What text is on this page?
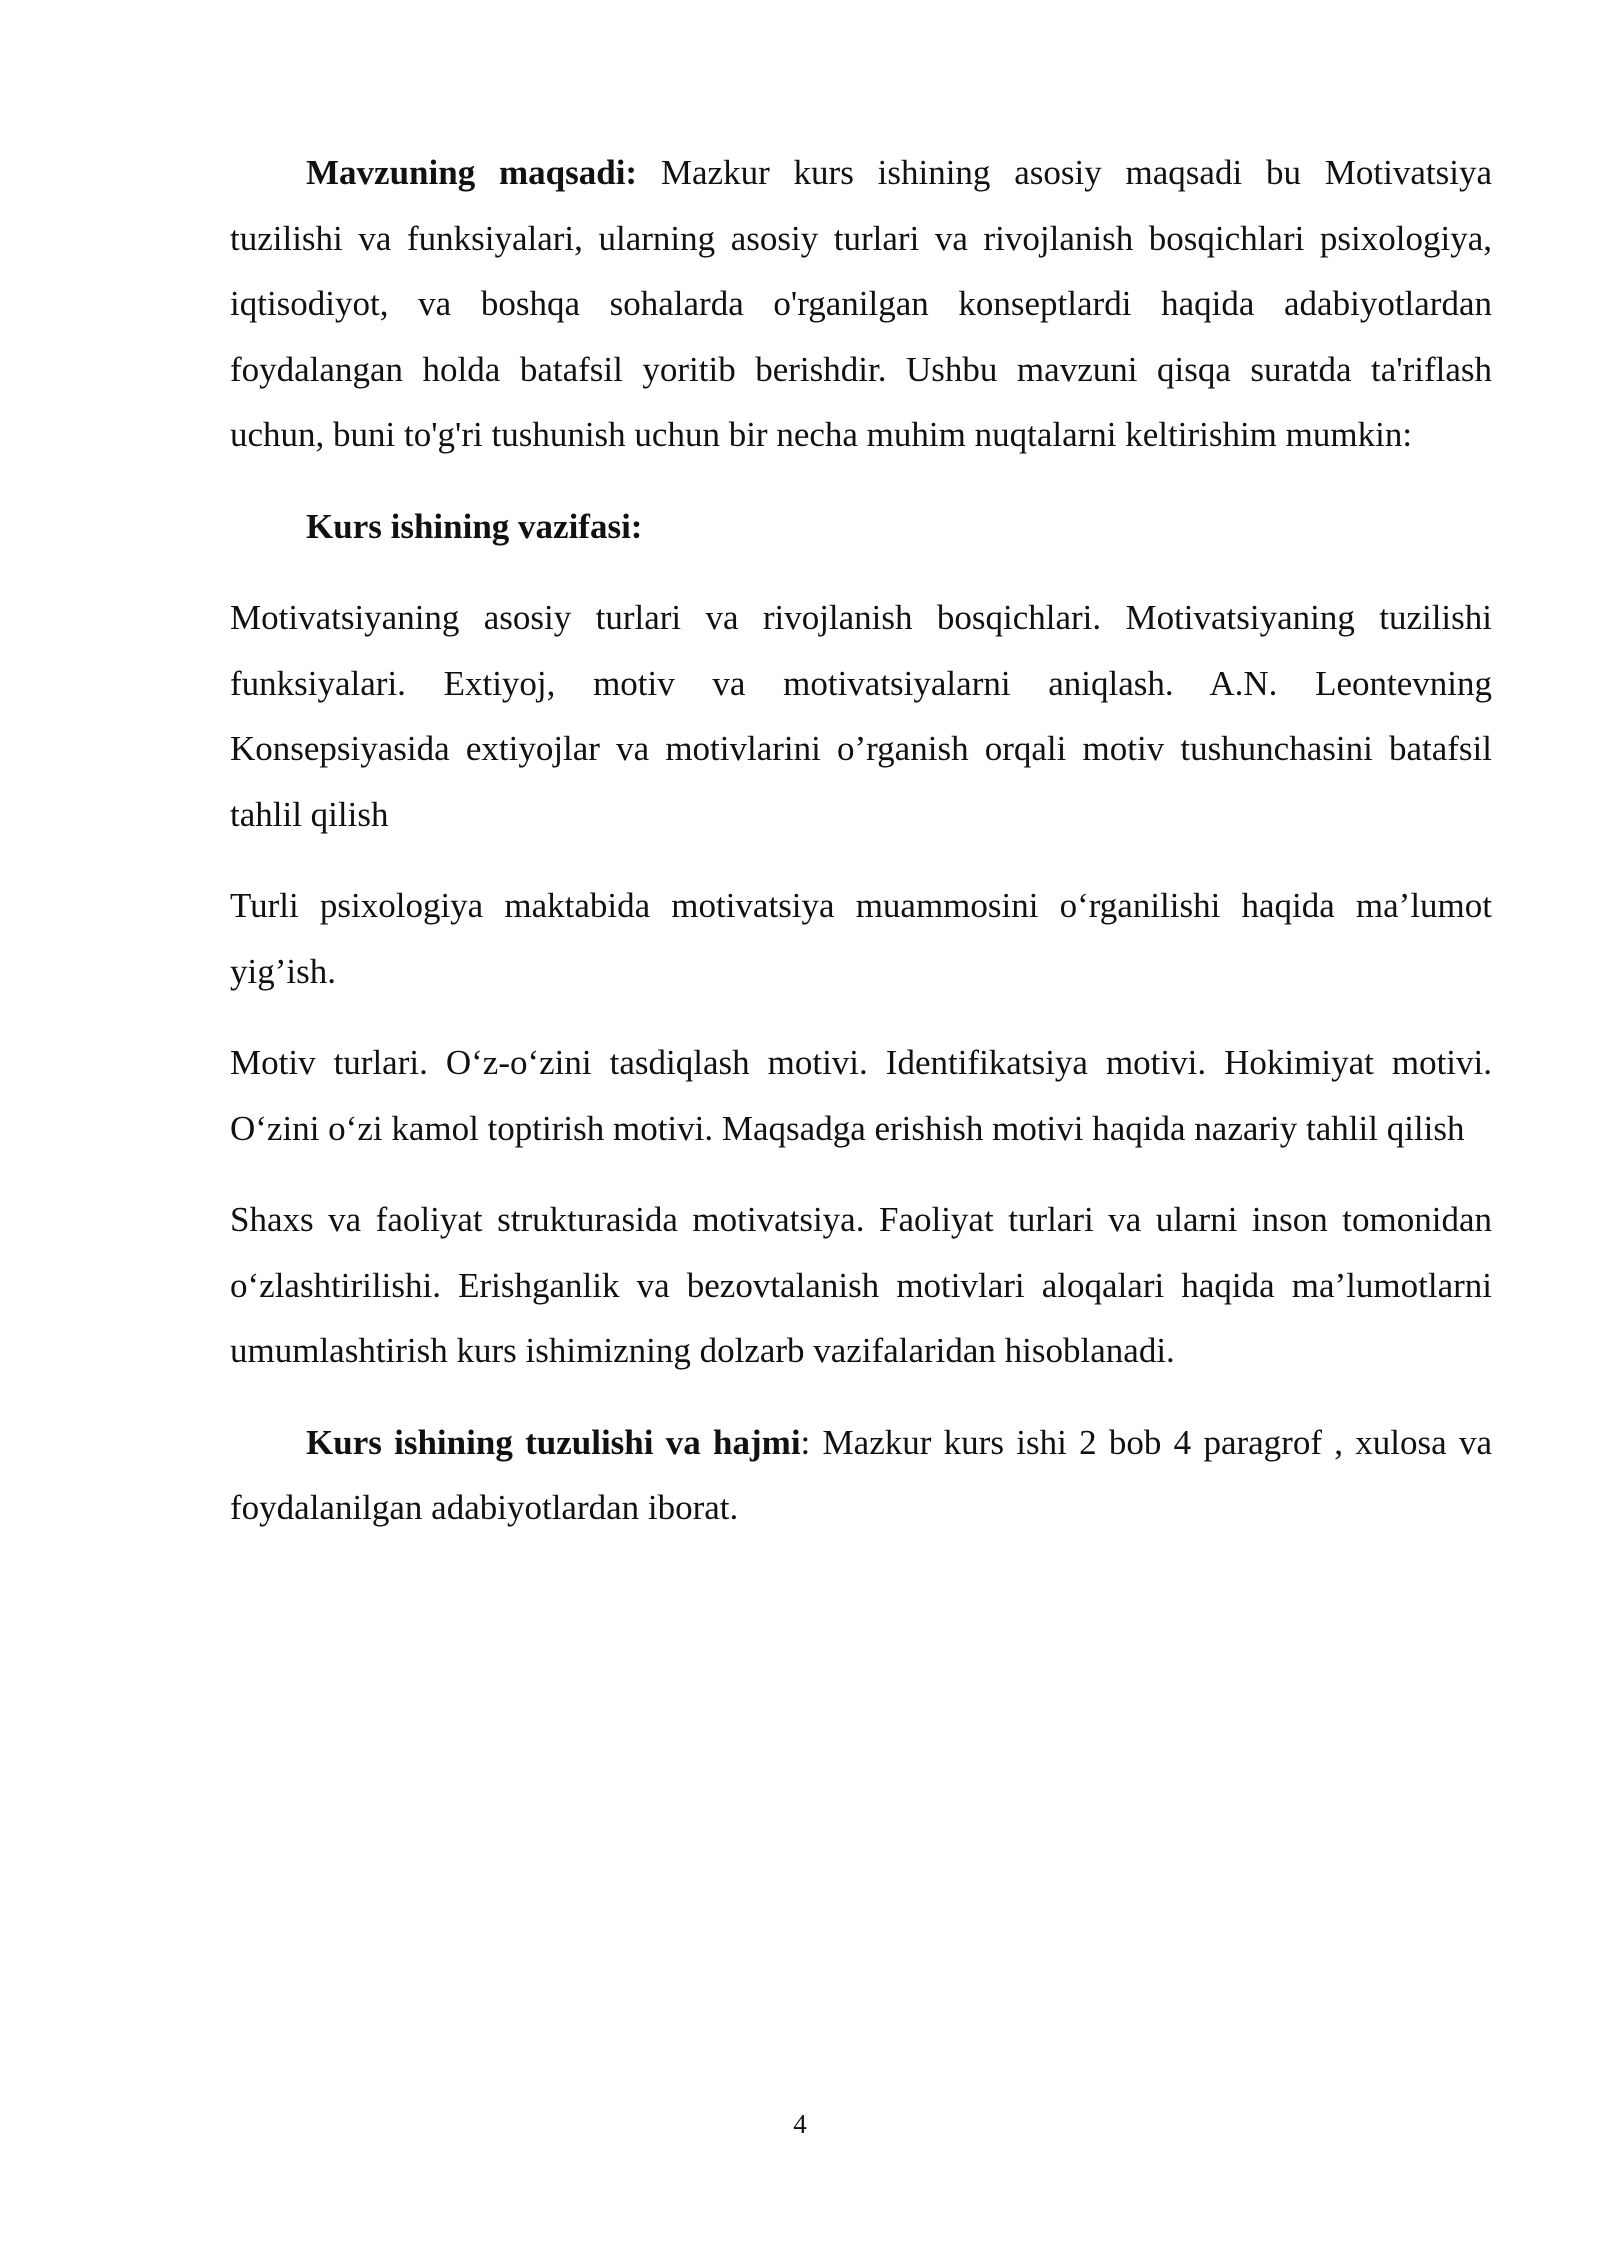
Mavzuning maqsadi: Mazkur kurs ishining asosiy maqsadi bu Motivatsiya tuzilishi va funksiyalari, ularning asosiy turlari va rivojlanish bosqichlari psixologiya, iqtisodiyot, va boshqa sohalarda o'rganilgan konseptlardi haqida adabiyotlardan foydalangan holda batafsil yoritib berishdir. Ushbu mavzuni qisqa suratda ta'riflash uchun, buni to'g'ri tushunish uchun bir necha muhim nuqtalarni keltirishim mumkin:

Kurs ishining vazifasi:

Motivatsiyaning asosiy turlari va rivojlanish bosqichlari. Motivatsiyaning tuzilishi funksiyalari. Extiyoj, motiv va motivatsiyalarni aniqlash. A.N. Leontevning Konsepsiyasida extiyojlar va motivlarini o’rganish orqali motiv tushunchasini batafsil tahlil qilish

Turli psixologiya maktabida motivatsiya muammosini oʻrganilishi haqida ma’lumot yig’ish.

Motiv turlari. Oʻz-oʻzini tasdiqlash motivi. Identifikatsiya motivi. Hokimiyat motivi. Oʻzini oʻzi kamol toptirish motivi. Maqsadga erishish motivi haqida nazariy tahlil qilish

Shaxs va faoliyat strukturasida motivatsiya. Faoliyat turlari va ularni inson tomonidan oʻzlashtirilishi. Erishganlik va bezovtalanish motivlari aloqalari haqida ma’lumotlarni umumlashtirish kurs ishimizning dolzarb vazifalaridan hisoblanadi.

Kurs ishining tuzulishi va hajmi: Mazkur kurs ishi 2 bob 4 paragrof , xulosa va foydalanilgan adabiyotlardan iborat.

4
